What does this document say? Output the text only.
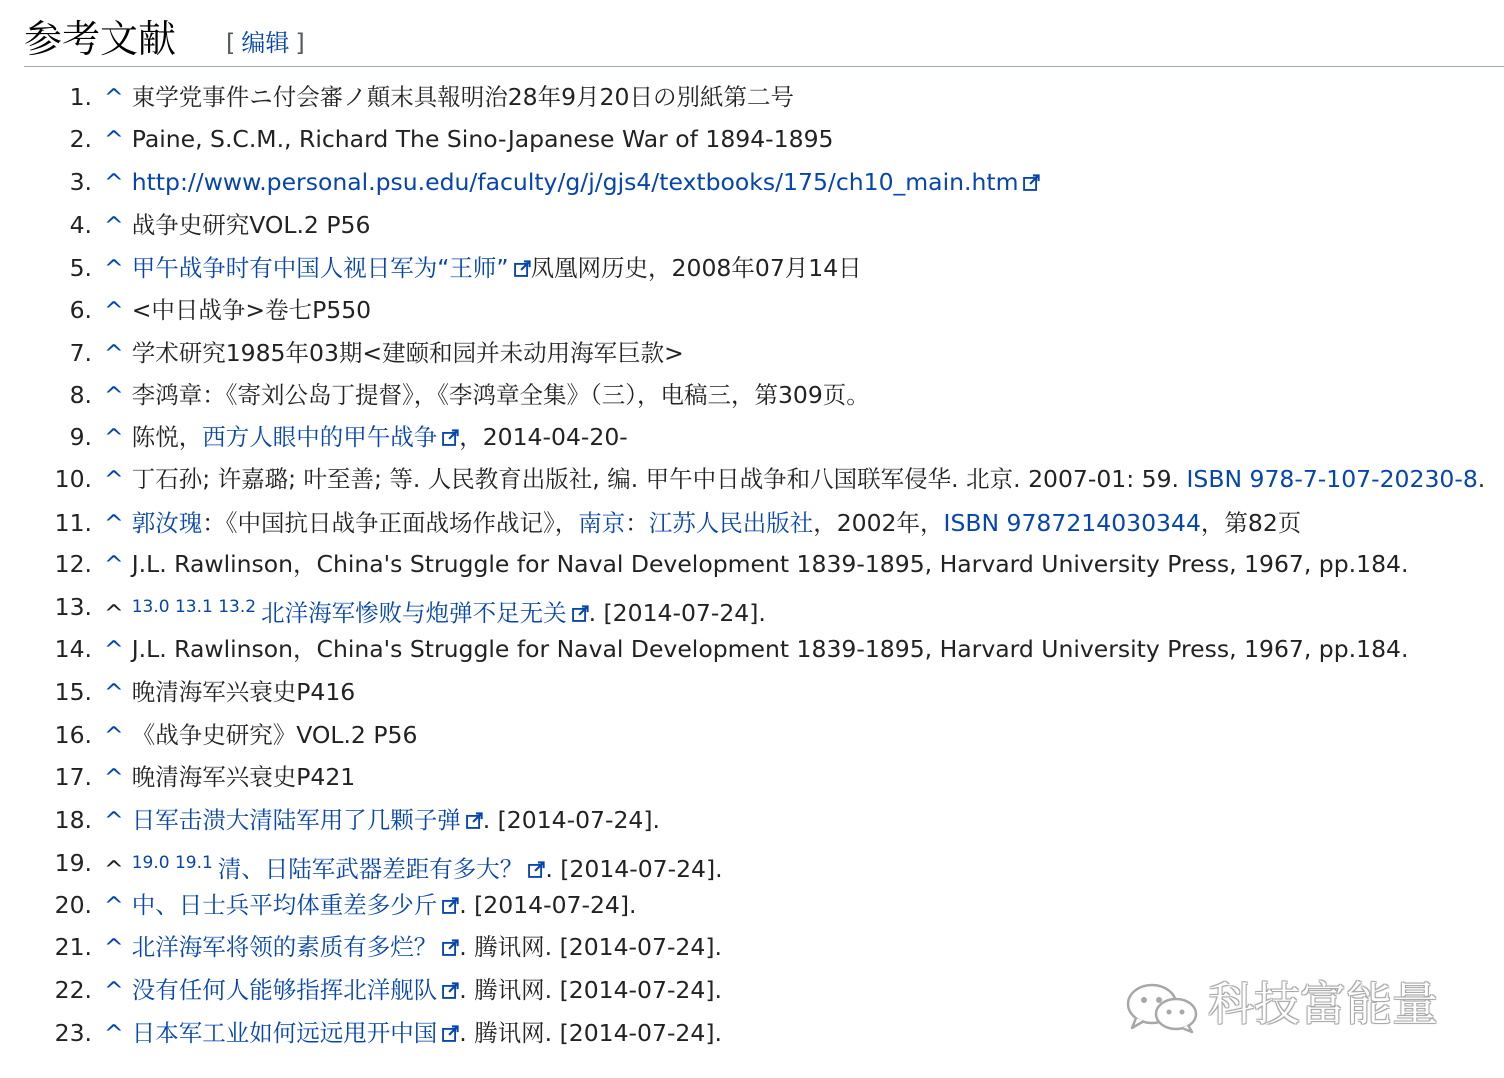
参考文献 [ 编辑 ]
1. ^ 東学党事件ニ付会審ノ顛末具報明治28年9月20日の別紙第二号
2. ^ Paine, S.C.M., Richard The Sino-Japanese War of 1894-1895
3. ^ http://www.personal.psu.edu/faculty/g/j/gjs4/textbooks/175/ch10_main.htm
4. ^ 战争史研究VOL.2 P56
5. ^ 甲午战争时有中国人视日军为“王师” 凤凰网历史，2008年07月14日
6. ^ <中日战争>卷七P550
7. ^ 学术研究1985年03期<建颐和园并未动用海军巨款>
8. ^ 李鸿章：《寄刘公岛丁提督》，《李鸿章全集》（三），电稿三，第309页。
9. ^ 陈悦，西方人眼中的甲午战争 ，2014-04-20-
10. ^ 丁石孙; 许嘉璐; 叶至善; 等. 人民教育出版社, 编. 甲午中日战争和八国联军侵华. 北京. 2007-01: 59. ISBN 978-7-107-20230-8.
11. ^ 郭汝瑰：《中国抗日战争正面战场作战记》，南京：江苏人民出版社，2002年，ISBN 9787214030344，第82页
12. ^ J.L. Rawlinson，China's Struggle for Naval Development 1839-1895, Harvard University Press, 1967, pp.184.
13. ^ $^{13.0 13.1 13.2}$ 北洋海军惨败与炮弹不足无关 . [2014-07-24].
14. ^ J.L. Rawlinson，China's Struggle for Naval Development 1839-1895, Harvard University Press, 1967, pp.184.
15. ^ 晚清海军兴衰史P416
16. ^ 《战争史研究》VOL.2 P56
17. ^ 晚清海军兴衰史P421
18. ^ 日军击溃大清陆军用了几颗子弹 . [2014-07-24].
19. ^ $^{19.0 19.1}$ 清、日陆军武器差距有多大？ . [2014-07-24].
20. ^ 中、日士兵平均体重差多少斤 . [2014-07-24].
21. ^ 北洋海军将领的素质有多烂？ . 腾讯网. [2014-07-24].
22. ^ 没有任何人能够指挥北洋舰队 . 腾讯网. [2014-07-24].
23. ^ 日本军工业如何远远甩开中国 . 腾讯网. [2014-07-24].
科技富能量
